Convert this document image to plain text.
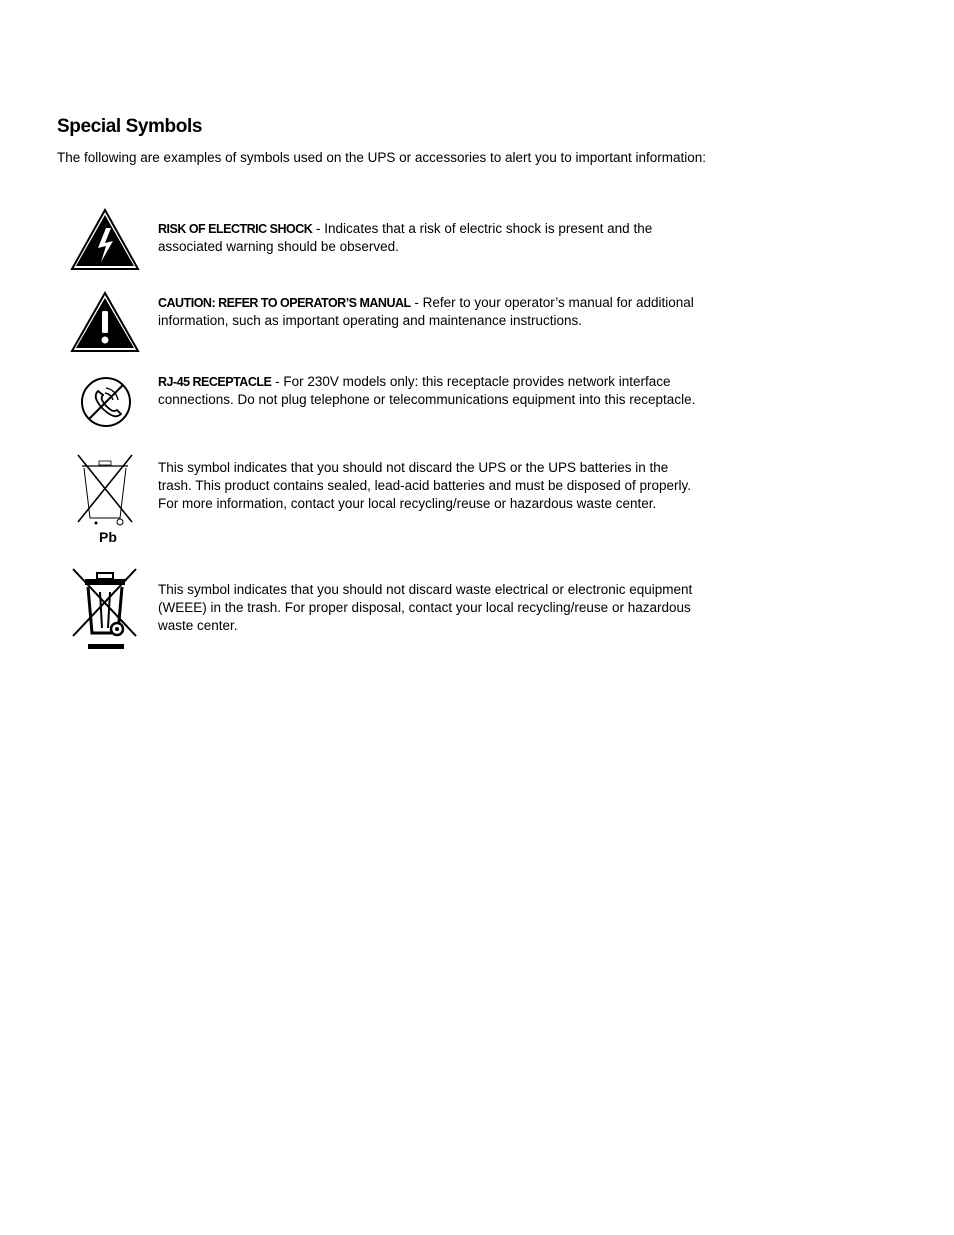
Special Symbols

The following are examples of symbols used on the UPS or accessories to alert you to important information:

RISK OF ELECTRIC SHOCK - Indicates that a risk of electric shock is present and the associated warning should be observed.

CAUTION: REFER TO OPERATOR’S MANUAL - Refer to your operator’s manual for additional information, such as important operating and maintenance instructions.

RJ-45 RECEPTACLE - For 230V models only: this receptacle provides network interface connections. Do not plug telephone or telecommunications equipment into this receptacle.

Pb

This symbol indicates that you should not discard the UPS or the UPS batteries in the trash. This product contains sealed, lead-acid batteries and must be disposed of properly. For more information, contact your local recycling/reuse or hazardous waste center.

This symbol indicates that you should not discard waste electrical or electronic equipment (WEEE) in the trash. For proper disposal, contact your local recycling/reuse or hazardous waste center.
